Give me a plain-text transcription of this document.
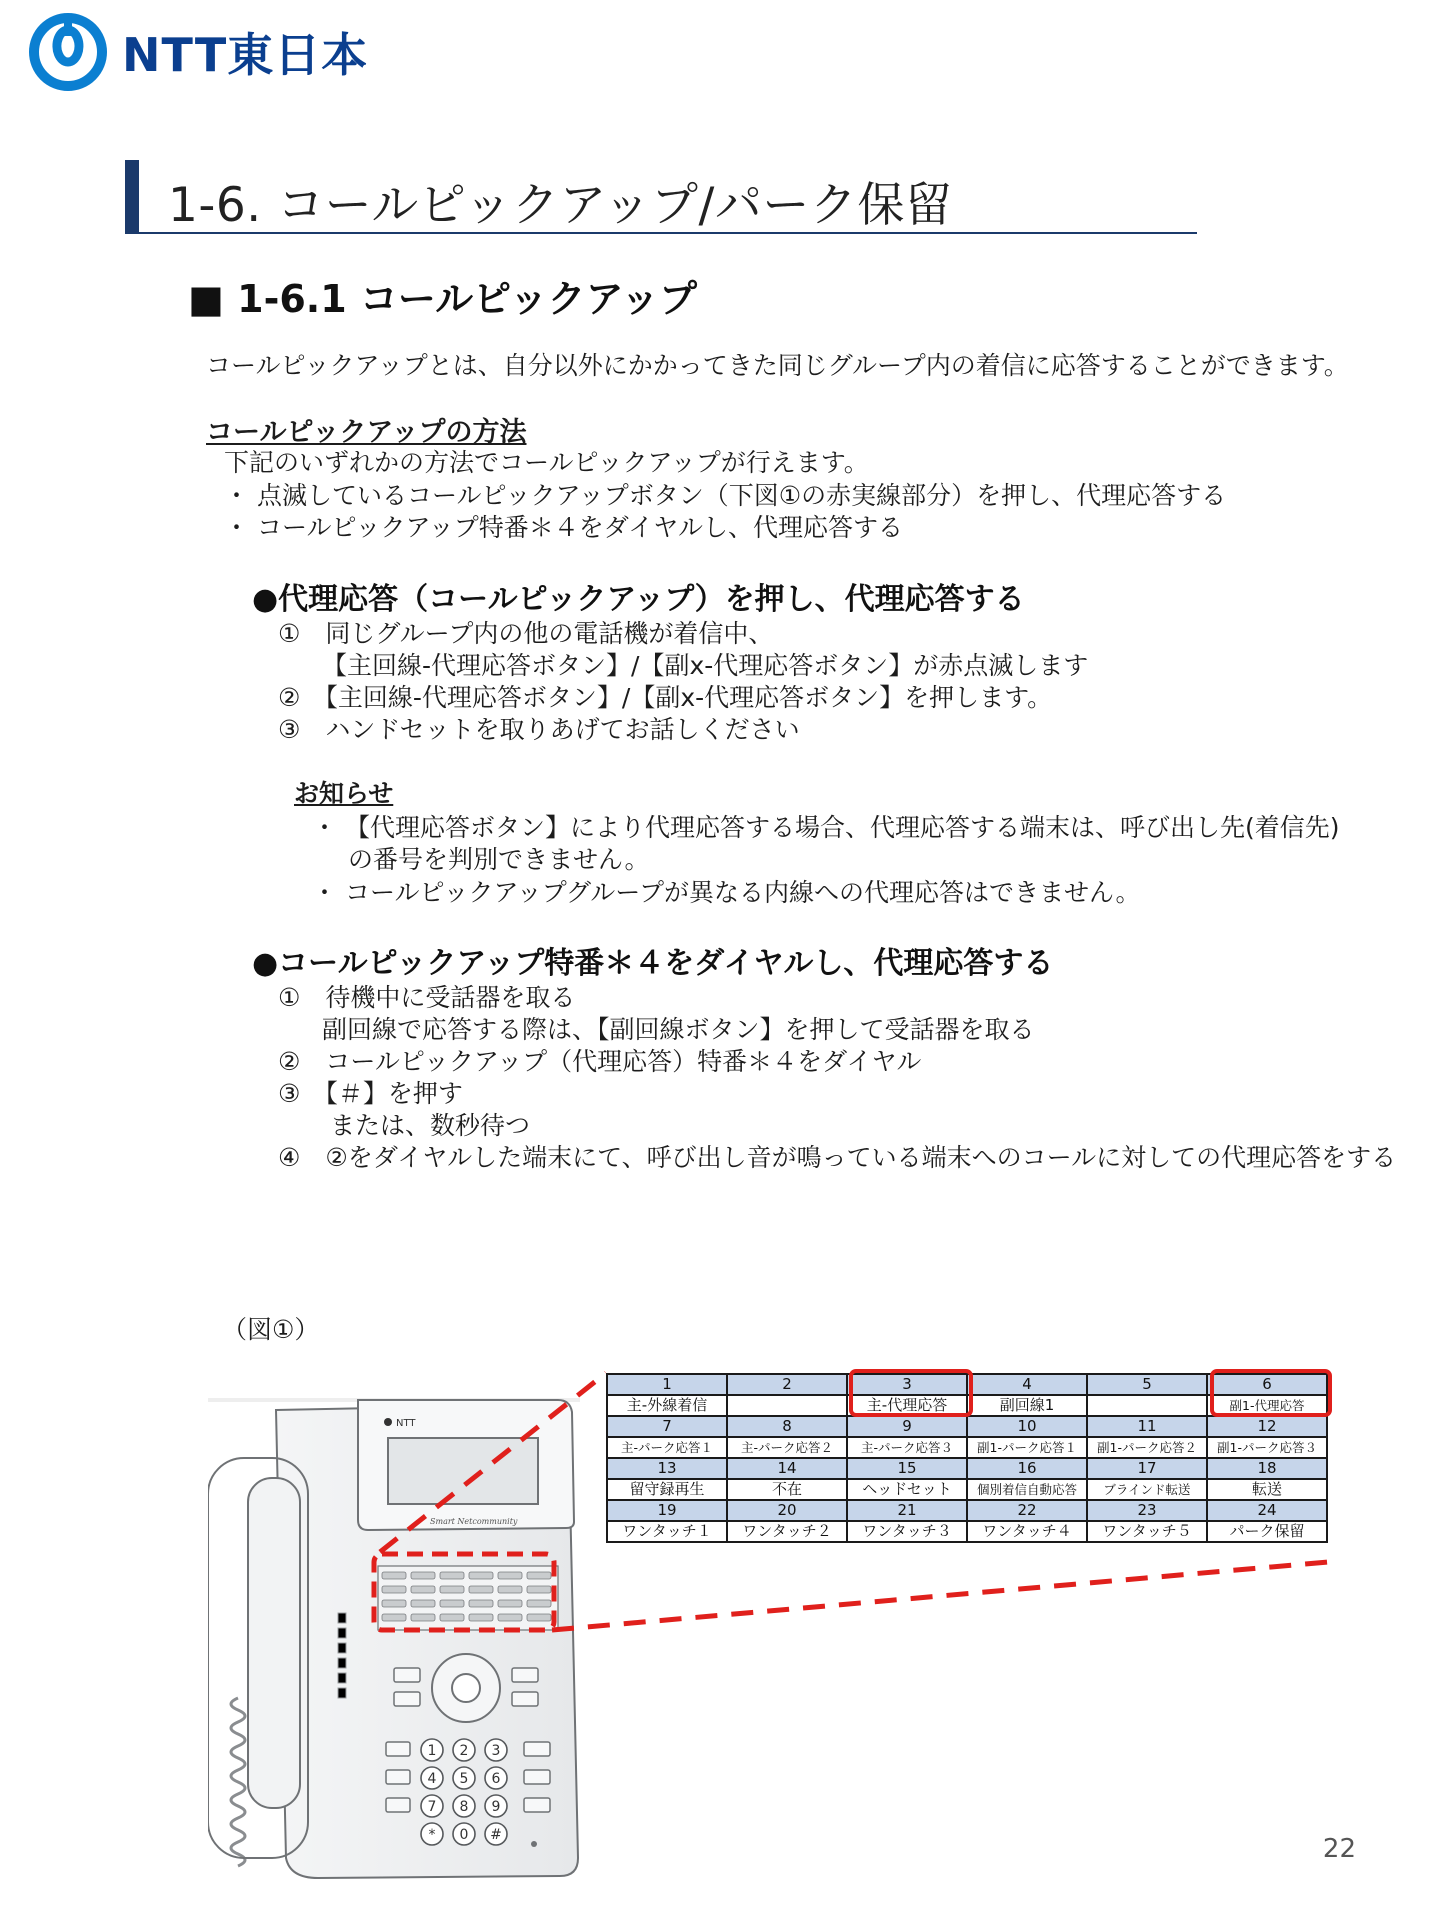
NTT東日本
1-6. コールピックアップ/パーク保留
■ 1-6.1 コールピックアップ
コールピックアップとは、自分以外にかかってきた同じグループ内の着信に応答することができます。
コールピックアップの方法
下記のいずれかの方法でコールピックアップが行えます。
・ 点滅しているコールピックアップボタン（下図①の赤実線部分）を押し、代理応答する
・ コールピックアップ特番＊４をダイヤルし、代理応答する
●代理応答（コールピックアップ）を押し、代理応答する
①　同じグループ内の他の電話機が着信中、
【主回線-代理応答ボタン】/【副x-代理応答ボタン】が赤点滅します
②　【主回線-代理応答ボタン】/【副x-代理応答ボタン】を押します。
③　ハンドセットを取りあげてお話しください
お知らせ
・ 【代理応答ボタン】により代理応答する場合、代理応答する端末は、呼び出し先(着信先)
の番号を判別できません。
・ コールピックアップグループが異なる内線への代理応答はできません。
●コールピックアップ特番＊４をダイヤルし、代理応答する
①　待機中に受話器を取る
副回線で応答する際は、【副回線ボタン】を押して受話器を取る
②　コールピックアップ（代理応答）特番＊４をダイヤル
③　【＃】を押す
または、数秒待つ
④　②をダイヤルした端末にて、呼び出し音が鳴っている端末へのコールに対しての代理応答をする
（図①）
NTT
Smart Netcommunity
1 2 3
4 5 6
7 8 9
* 0 #
1	2	3	4	5	6
主-外線着信		主-代理応答	副回線1		副1-代理応答
7	8	9	10	11	12
主-パーク応答１	主-パーク応答２	主-パーク応答３	副1-パーク応答１	副1-パーク応答２	副1-パーク応答３
13	14	15	16	17	18
留守録再生	不在	ヘッドセット	個別着信自動応答	ブラインド転送	転送
19	20	21	22	23	24
ワンタッチ１	ワンタッチ２	ワンタッチ３	ワンタッチ４	ワンタッチ５	パーク保留
22
